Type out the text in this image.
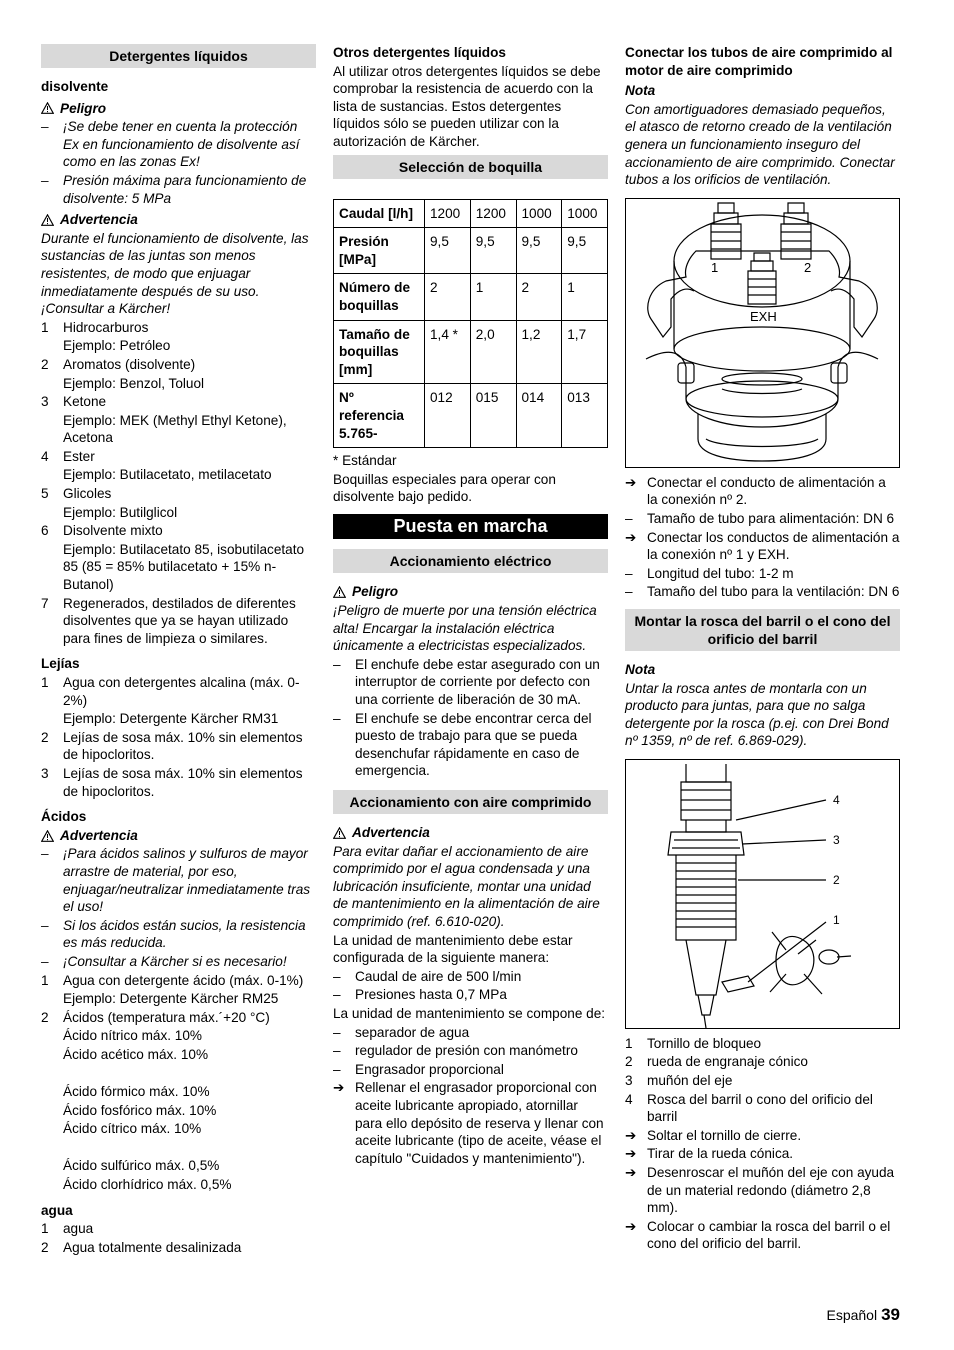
Detergentes líquidos
disolvente
Peligro
–	¡Se debe tener en cuenta la protección Ex en funcionamiento de disolvente así como en las zonas Ex!
–	Presión máxima para funcionamiento de disolvente: 5 MPa
Advertencia
Durante el funcionamiento de disolvente, las sustancias de las juntas son menos resistentes, de modo que enjuagar inmediatamente después de su uso. ¡Consultar a Kärcher!
1	Hidrocarburos
Ejemplo: Petróleo
2	Aromatos (disolvente)
Ejemplo: Benzol, Toluol
3	Ketone
Ejemplo: MEK (Methyl Ethyl Ketone), Acetona
4	Ester
Ejemplo: Butilacetato, metilacetato
5	Glicoles
Ejemplo: Butilglicol
6	Disolvente mixto
Ejemplo: Butilacetato 85, isobutilacetato 85 (85 = 85% butilacetato + 15% n-Butanol)
7	Regenerados, destilados de diferentes disolventes que ya se hayan utilizado para fines de limpieza o similares.
Lejías
1	Agua con detergentes alcalina (máx. 0-2%)
Ejemplo: Detergente Kärcher RM31
2	Lejías de sosa máx. 10% sin elementos de hipocloritos.
3	Lejías de sosa máx. 10% sin elementos de hipocloritos.
Ácidos
Advertencia
–	¡Para ácidos salinos y sulfuros de mayor arrastre de material, por eso, enjuagar/neutralizar inmediatamente tras el uso!
–	Si los ácidos están sucios, la resistencia es más reducida.
–	¡Consultar a Kärcher si es necesario!
1	Agua con detergente ácido (máx. 0-1%)
Ejemplo: Detergente Kärcher RM25
2	Ácidos (temperatura máx.´+20 °C)
Ácido nítrico máx. 10%
Ácido acético máx. 10%
Ácido fórmico máx. 10%
Ácido fosfórico máx. 10%
Ácido cítrico máx. 10%
Ácido sulfúrico máx. 0,5%
Ácido clorhídrico máx. 0,5%
agua
1	agua
2	Agua totalmente desalinizada
Otros detergentes líquidos
Al utilizar otros detergentes líquidos se debe comprobar la resistencia de acuerdo con la lista de sustancias. Estos detergentes líquidos sólo se pueden utilizar con la autorización de Kärcher.
Selección de boquilla
Caudal [l/h]	1200	1200	1000	1000
Presión [MPa]	9,5	9,5	9,5	9,5
Número de boquillas	2	1	2	1
Tamaño de boquillas [mm]	1,4 *	2,0	1,2	1,7
Nº referencia 5.765-	012	015	014	013
* Estándar
Boquillas especiales para operar con disolvente bajo pedido.
Puesta en marcha
Accionamiento eléctrico
Peligro
¡Peligro de muerte por una tensión eléctrica alta! Encargar la instalación eléctrica únicamente a electricistas especializados.
–	El enchufe debe estar asegurado con un interruptor de corriente por defecto con una corriente de liberación de 30 mA.
–	El enchufe se debe encontrar cerca del puesto de trabajo para que se pueda desenchufar rápidamente en caso de emergencia.
Accionamiento con aire comprimido
Advertencia
Para evitar dañar el accionamiento de aire comprimido por el agua condensada y una lubricación insuficiente, montar una unidad de mantenimiento en la alimentación de aire comprimido (ref. 6.610-020).
La unidad de mantenimiento debe estar configurada de la siguiente manera:
–	Caudal de aire de 500 l/min
–	Presiones hasta 0,7 MPa
La unidad de mantenimiento se compone de:
–	separador de agua
–	regulador de presión con manómetro
–	Engrasador proporcional
➔ Rellenar el engrasador proporcional con aceite lubricante apropiado, atornillar para ello depósito de reserva y llenar con aceite lubricante (tipo de aceite, véase el capítulo "Cuidados y mantenimiento").
Conectar los tubos de aire comprimido al motor de aire comprimido
Nota
Con amortiguadores demasiado pequeños, el atasco de retorno creado de la ventilación genera un funcionamiento inseguro del accionamiento de aire comprimido. Conectar tubos a los orificios de ventilación.
1	2
EXH
➔ Conectar el conducto de alimentación a la conexión nº 2.
–	Tamaño de tubo para alimentación: DN 6
➔ Conectar los conductos de alimentación a la conexión nº 1 y EXH.
–	Longitud del tubo: 1-2 m
–	Tamaño del tubo para la ventilación: DN 6
Montar la rosca del barril o el cono del orificio del barril
Nota
Untar la rosca antes de montarla con un producto para juntas, para que no salga detergente por la rosca (p.ej. con Drei Bond nº 1359, nº de ref. 6.869-029).
4
3
2
1
1	Tornillo de bloqueo
2	rueda de engranaje cónico
3	muñón del eje
4	Rosca del barril o cono del orificio del barril
➔ Soltar el tornillo de cierre.
➔ Tirar de la rueda cónica.
➔ Desenroscar el muñón del eje con ayuda de un material redondo (diámetro 2,8 mm).
➔ Colocar o cambiar la rosca del barril o el cono del orificio del barril.
Español 39
